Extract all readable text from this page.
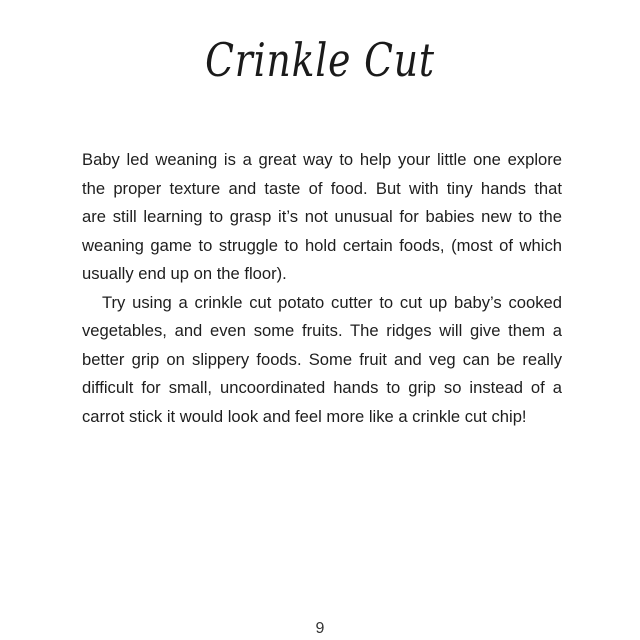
Crinkle Cut

Baby led weaning is a great way to help your little one explore
the proper texture and taste of food. But with tiny hands that
are still learning to grasp it’s not unusual for babies new to the
weaning game to struggle to hold certain foods, (most of which
usually end up on the floor).

Try using a crinkle cut potato cutter to cut up baby’s cooked
vegetables, and even some fruits. The ridges will give them a
better grip on slippery foods. Some fruit and veg can be really
difficult for small, uncoordinated hands to grip so instead of a
carrot stick it would look and feel more like a crinkle cut chip!

9
